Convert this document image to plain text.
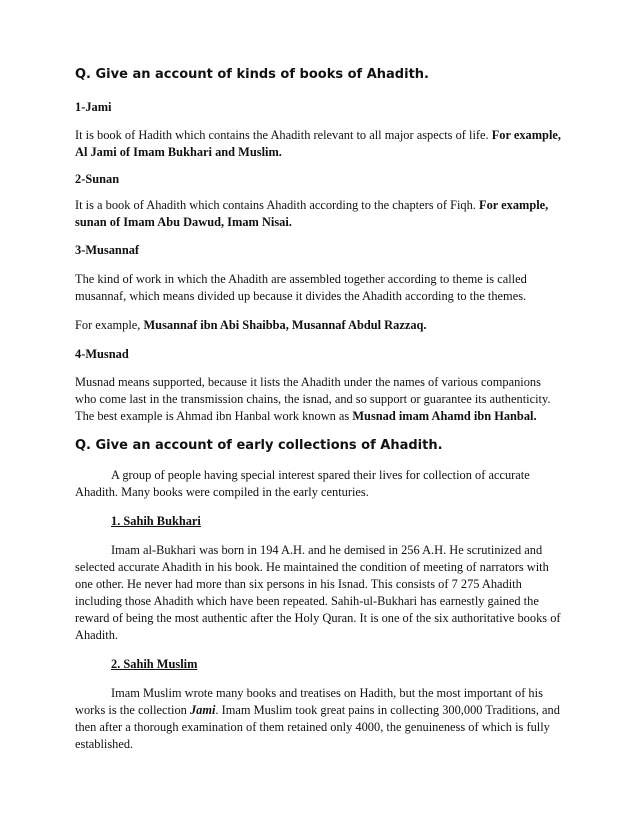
Q. Give an account of kinds of books of Ahadith.

1-Jami

It is book of Hadith which contains the Ahadith relevant to all major aspects of life. For example, Al Jami of Imam Bukhari and Muslim.

2-Sunan

It is a book of Ahadith which contains Ahadith according to the chapters of Fiqh. For example, sunan of Imam Abu Dawud, Imam Nisai.

3-Musannaf

The kind of work in which the Ahadith are assembled together according to theme is called musannaf, which means divided up because it divides the Ahadith according to the themes.

For example, Musannaf ibn Abi Shaibba, Musannaf Abdul Razzaq.

4-Musnad

Musnad means supported, because it lists the Ahadith under the names of various companions who come last in the transmission chains, the isnad, and so support or guarantee its authenticity. The best example is Ahmad ibn Hanbal work known as Musnad imam Ahamd ibn Hanbal.

Q. Give an account of early collections of Ahadith.

A group of people having special interest spared their lives for collection of accurate Ahadith. Many books were compiled in the early centuries.

1. Sahih Bukhari

Imam al-Bukhari was born in 194 A.H. and he demised in 256 A.H. He scrutinized and selected accurate Ahadith in his book. He maintained the condition of meeting of narrators with one other. He never had more than six persons in his Isnad. This consists of 7 275 Ahadith including those Ahadith which have been repeated. Sahih-ul-Bukhari has earnestly gained the reward of being the most authentic after the Holy Quran. It is one of the six authoritative books of Ahadith.

2. Sahih Muslim

Imam Muslim wrote many books and treatises on Hadith, but the most important of his works is the collection Jami. Imam Muslim took great pains in collecting 300,000 Traditions, and then after a thorough examination of them retained only 4000, the genuineness of which is fully established.
